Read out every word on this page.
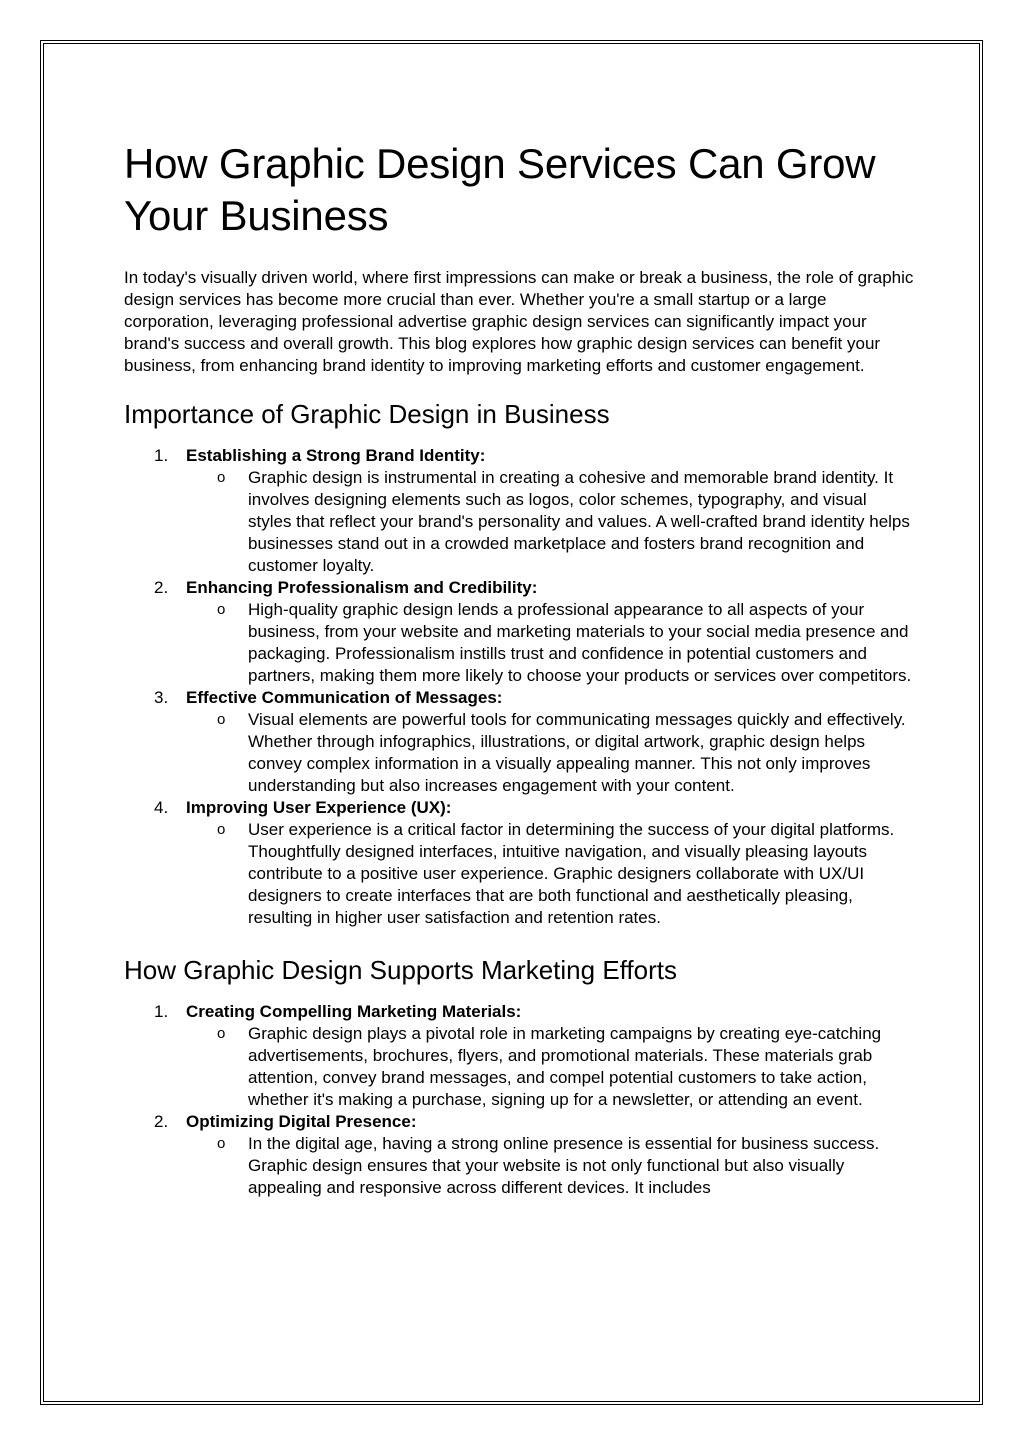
How Graphic Design Services Can Grow Your Business

In today's visually driven world, where first impressions can make or break a business, the role of graphic design services has become more crucial than ever. Whether you're a small startup or a large corporation, leveraging professional advertise graphic design services can significantly impact your brand's success and overall growth. This blog explores how graphic design services can benefit your business, from enhancing brand identity to improving marketing efforts and customer engagement.

Importance of Graphic Design in Business
1. Establishing a Strong Brand Identity:
o Graphic design is instrumental in creating a cohesive and memorable brand identity. It involves designing elements such as logos, color schemes, typography, and visual styles that reflect your brand's personality and values. A well-crafted brand identity helps businesses stand out in a crowded marketplace and fosters brand recognition and customer loyalty.
2. Enhancing Professionalism and Credibility:
o High-quality graphic design lends a professional appearance to all aspects of your business, from your website and marketing materials to your social media presence and packaging. Professionalism instills trust and confidence in potential customers and partners, making them more likely to choose your products or services over competitors.
3. Effective Communication of Messages:
o Visual elements are powerful tools for communicating messages quickly and effectively. Whether through infographics, illustrations, or digital artwork, graphic design helps convey complex information in a visually appealing manner. This not only improves understanding but also increases engagement with your content.
4. Improving User Experience (UX):
o User experience is a critical factor in determining the success of your digital platforms. Thoughtfully designed interfaces, intuitive navigation, and visually pleasing layouts contribute to a positive user experience. Graphic designers collaborate with UX/UI designers to create interfaces that are both functional and aesthetically pleasing, resulting in higher user satisfaction and retention rates.
How Graphic Design Supports Marketing Efforts
1. Creating Compelling Marketing Materials:
o Graphic design plays a pivotal role in marketing campaigns by creating eye-catching advertisements, brochures, flyers, and promotional materials. These materials grab attention, convey brand messages, and compel potential customers to take action, whether it's making a purchase, signing up for a newsletter, or attending an event.
2. Optimizing Digital Presence:
o In the digital age, having a strong online presence is essential for business success. Graphic design ensures that your website is not only functional but also visually appealing and responsive across different devices. It includes
